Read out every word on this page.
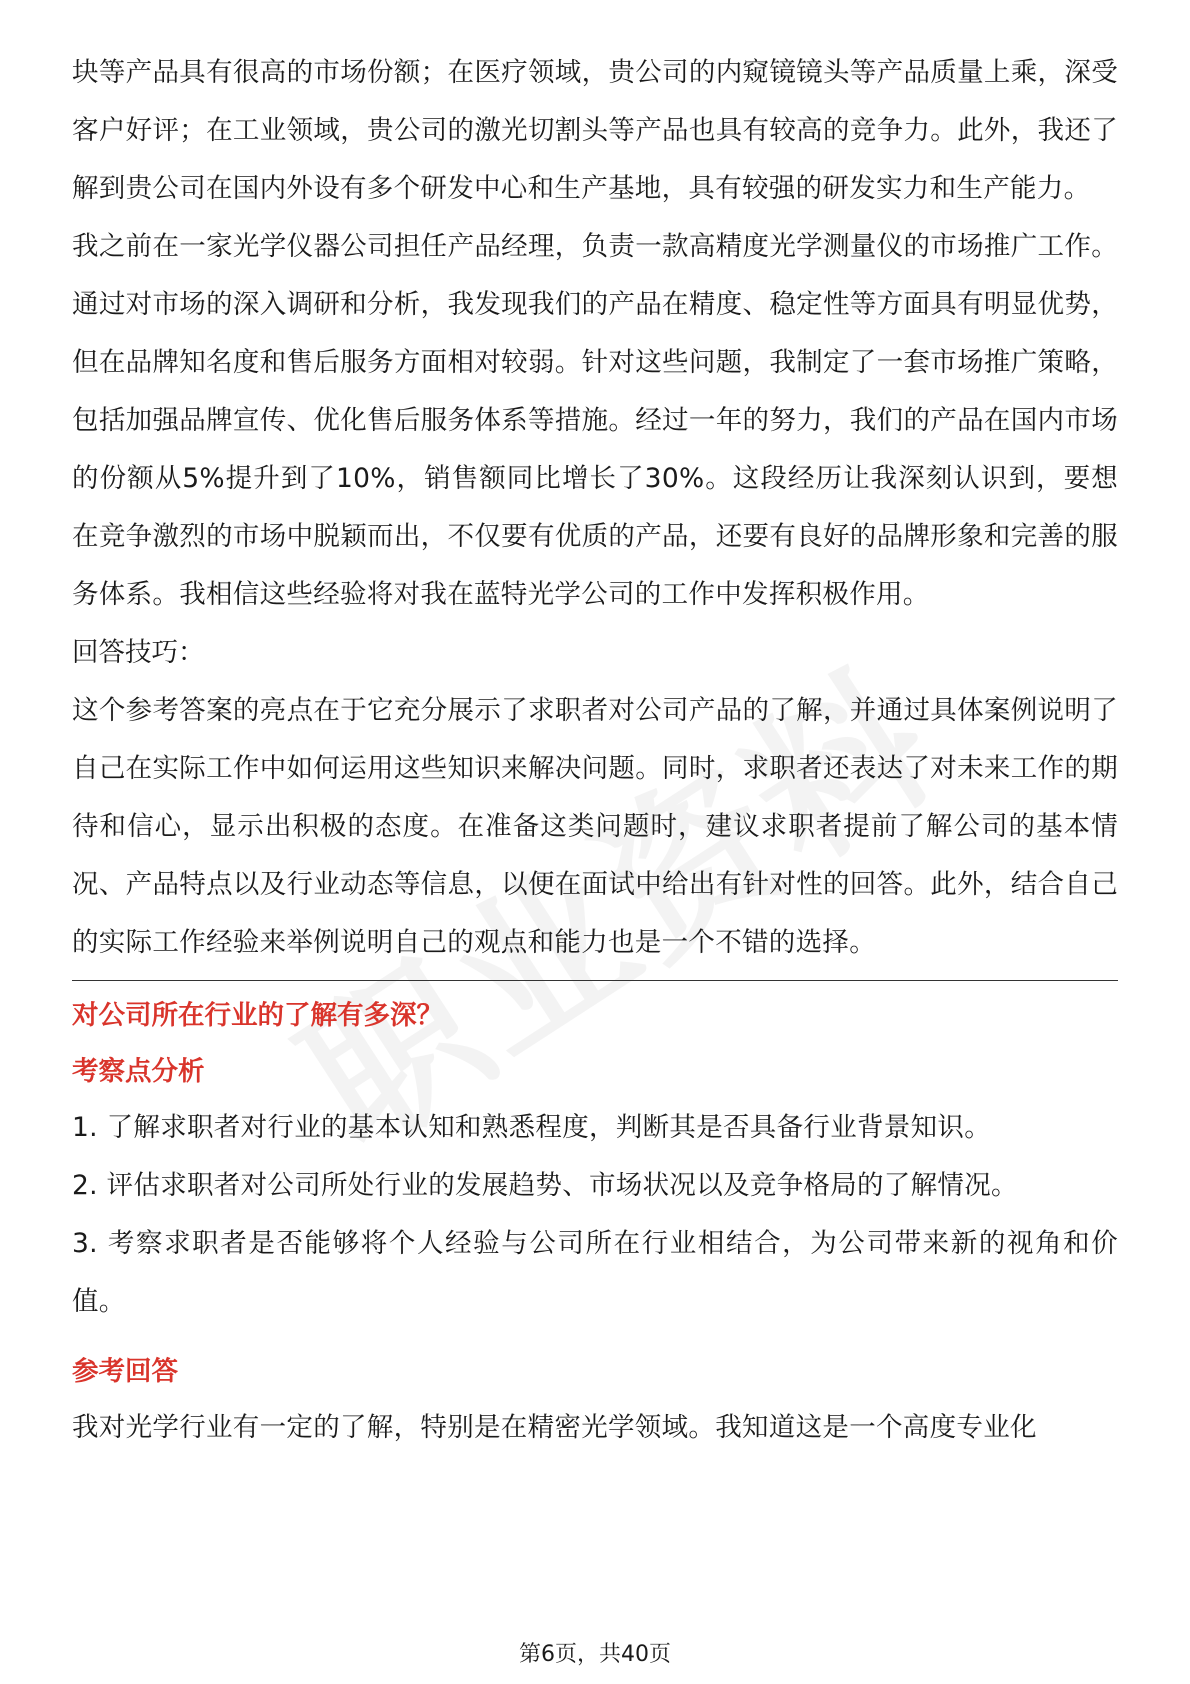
块等产品具有很高的市场份额；在医疗领域，贵公司的内窥镜镜头等产品质量上乘，深受客户好评；在工业领域，贵公司的激光切割头等产品也具有较高的竞争力。此外，我还了解到贵公司在国内外设有多个研发中心和生产基地，具有较强的研发实力和生产能力。

我之前在一家光学仪器公司担任产品经理，负责一款高精度光学测量仪的市场推广工作。通过对市场的深入调研和分析，我发现我们的产品在精度、稳定性等方面具有明显优势，但在品牌知名度和售后服务方面相对较弱。针对这些问题，我制定了一套市场推广策略，包括加强品牌宣传、优化售后服务体系等措施。经过一年的努力，我们的产品在国内市场的份额从5%提升到了10%，销售额同比增长了30%。这段经历让我深刻认识到，要想在竞争激烈的市场中脱颖而出，不仅要有优质的产品，还要有良好的品牌形象和完善的服务体系。我相信这些经验将对我在蓝特光学公司的工作中发挥积极作用。

回答技巧：

这个参考答案的亮点在于它充分展示了求职者对公司产品的了解，并通过具体案例说明了自己在实际工作中如何运用这些知识来解决问题。同时，求职者还表达了对未来工作的期待和信心，显示出积极的态度。在准备这类问题时，建议求职者提前了解公司的基本情况、产品特点以及行业动态等信息，以便在面试中给出有针对性的回答。此外，结合自己的实际工作经验来举例说明自己的观点和能力也是一个不错的选择。

对公司所在行业的了解有多深？

考察点分析

1. 了解求职者对行业的基本认知和熟悉程度，判断其是否具备行业背景知识。

2. 评估求职者对公司所处行业的发展趋势、市场状况以及竞争格局的了解情况。

3. 考察求职者是否能够将个人经验与公司所在行业相结合，为公司带来新的视角和价值。

参考回答

我对光学行业有一定的了解，特别是在精密光学领域。我知道这是一个高度专业化

第6页，共40页
